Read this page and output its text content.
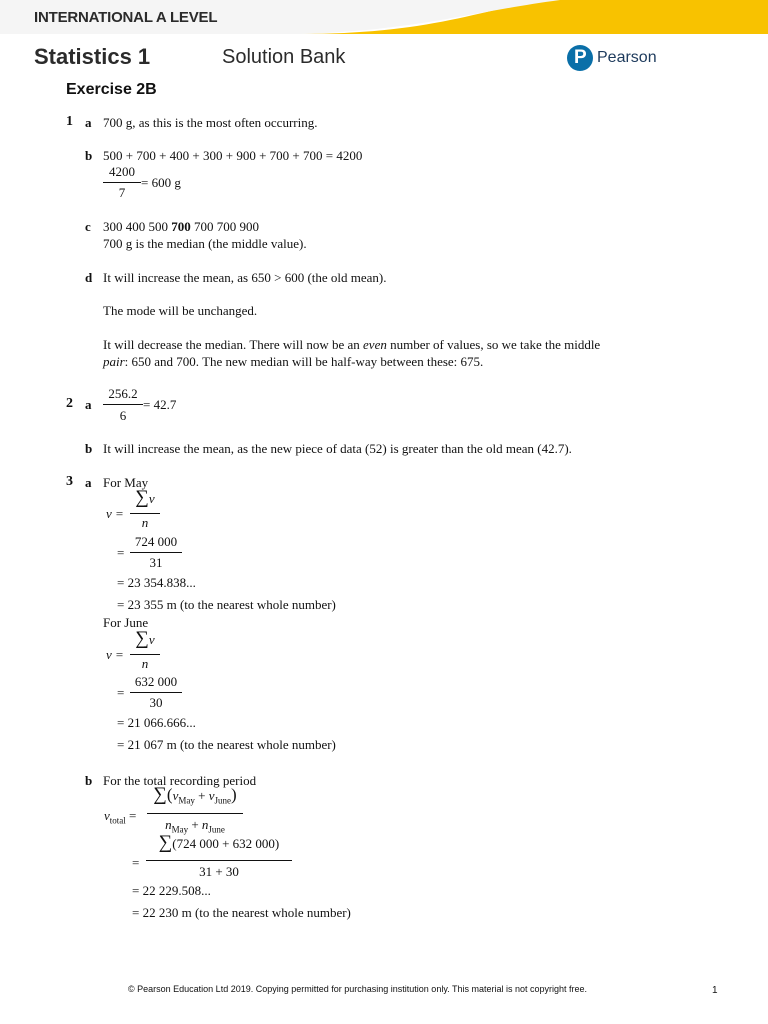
INTERNATIONAL A LEVEL
Statistics 1	Solution Bank	P Pearson
Exercise 2B
1 a 700 g, as this is the most often occurring.
b 500 + 700 + 400 + 300 + 900 + 700 + 700 = 4200
4200
7
= 600 g
c 300 400 500 700 700 700 900
700 g is the median (the middle value).
d It will increase the mean, as 650 > 600 (the old mean).
The mode will be unchanged.
It will decrease the median. There will now be an even number of values, so we take the middle
pair: 650 and 700. The new median will be half-way between these: 675.
2 a
256.2
6
= 42.7
b It will increase the mean, as the new piece of data (52) is greater than the old mean (42.7).
3 a For May
v =
∑v
n
=
724 000
31
= 23 354.838...
= 23 355 m (to the nearest whole number)
For June
v =
∑v
n
=
632 000
30
= 21 066.666...
= 21 067 m (to the nearest whole number)
b For the total recording period
$v_{total}$ =
$\sum(v_{May} + v_{June})$
$n_{May} + n_{June}$
=
∑(724 000 + 632 000)
31 + 30
= 22 229.508...
= 22 230 m (to the nearest whole number)
© Pearson Education Ltd 2019. Copying permitted for purchasing institution only. This material is not copyright free.	1
